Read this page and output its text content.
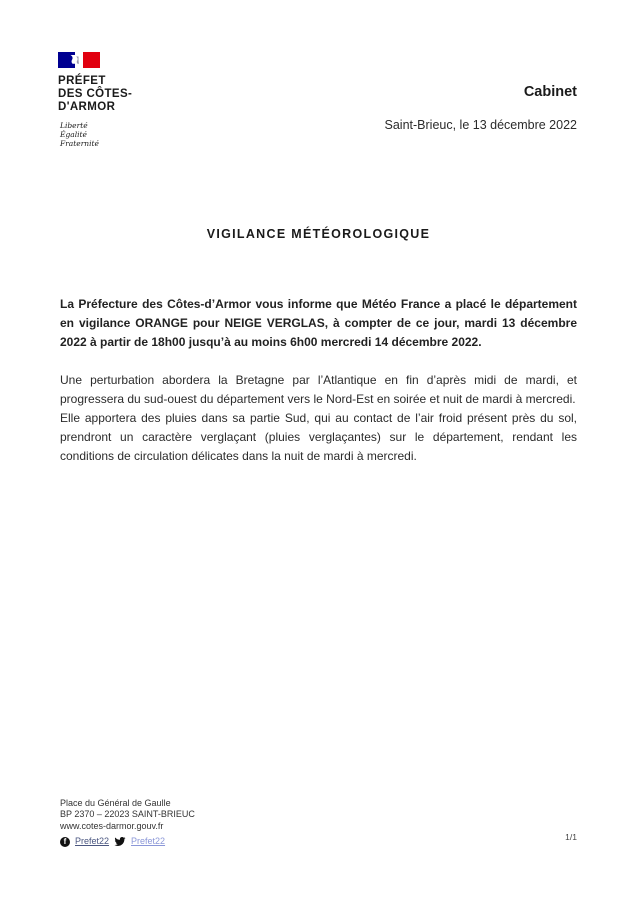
PRÉFET
DES CÔTES-
D'ARMOR
Liberté
Égalité
Fraternité
Cabinet
Saint-Brieuc, le 13 décembre 2022
VIGILANCE MÉTÉOROLOGIQUE

La Préfecture des Côtes-d’Armor vous informe que Météo France a placé le département en vigilance ORANGE pour NEIGE VERGLAS, à compter de ce jour, mardi 13 décembre 2022 à partir de 18h00 jusqu’à au moins 6h00 mercredi 14 décembre 2022.

Une perturbation abordera la Bretagne par l’Atlantique en fin d’après midi de mardi, et progressera du sud-ouest du département vers le Nord-Est en soirée et nuit de mardi à mercredi.

Elle apportera des pluies dans sa partie Sud, qui au contact de l’air froid présent près du sol, prendront un caractère verglaçant (pluies verglaçantes) sur le département, rendant les conditions de circulation délicates dans la nuit de mardi à mercredi.

Place du Général de Gaulle
BP 2370 – 22023 SAINT-BRIEUC
www.cotes-darmor.gouv.fr
f Prefet22 Prefet22	1/1
